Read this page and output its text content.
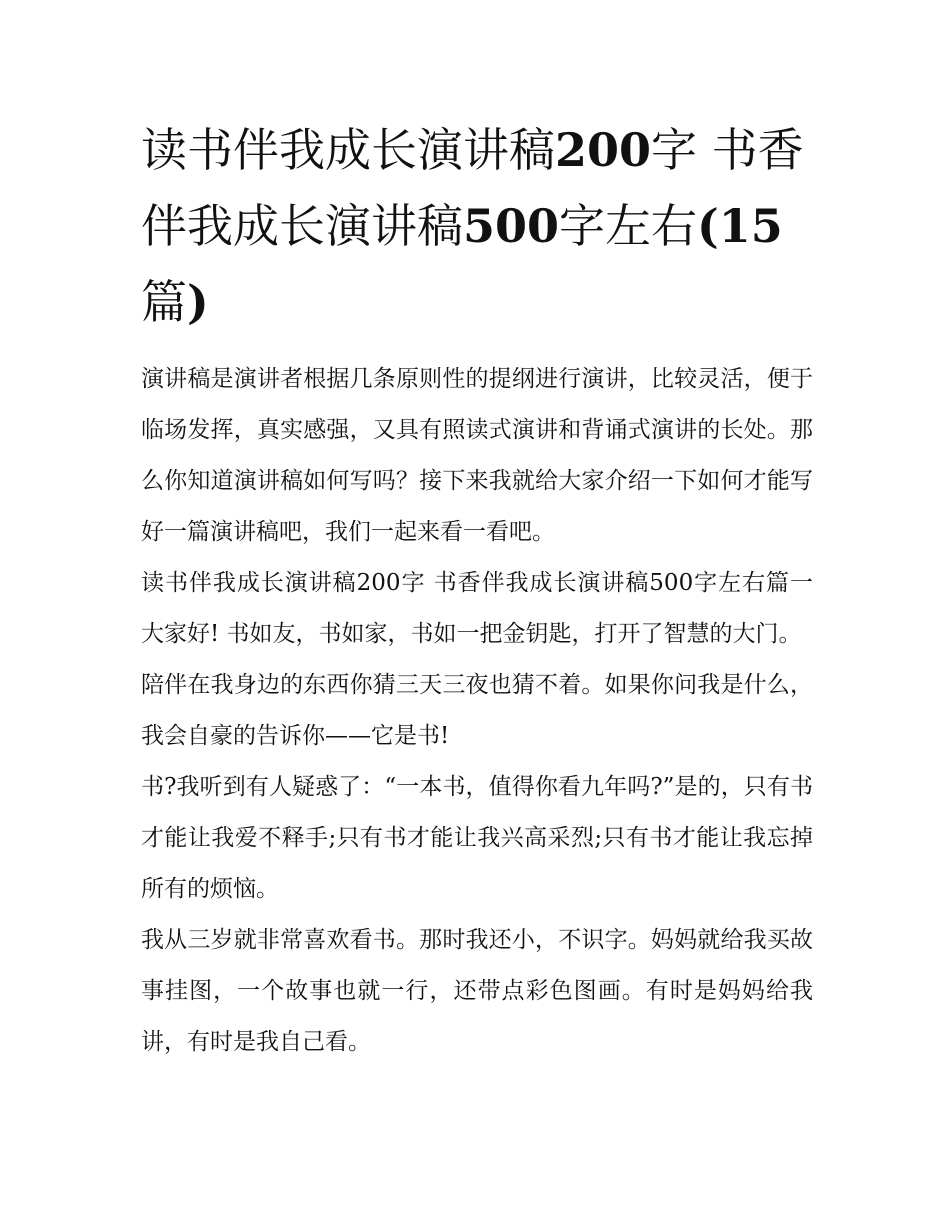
读书伴我成长演讲稿200字 书香伴我成长演讲稿500字左右(15篇)

演讲稿是演讲者根据几条原则性的提纲进行演讲，比较灵活，便于临场发挥，真实感强，又具有照读式演讲和背诵式演讲的长处。那么你知道演讲稿如何写吗？接下来我就给大家介绍一下如何才能写好一篇演讲稿吧，我们一起来看一看吧。

读书伴我成长演讲稿200字 书香伴我成长演讲稿500字左右篇一 大家好! 书如友，书如家，书如一把金钥匙，打开了智慧的大门。

陪伴在我身边的东西你猜三天三夜也猜不着。如果你问我是什么，我会自豪的告诉你——它是书!

书?我听到有人疑惑了：“一本书，值得你看九年吗?”是的，只有书才能让我爱不释手;只有书才能让我兴高采烈;只有书才能让我忘掉所有的烦恼。

我从三岁就非常喜欢看书。那时我还小，不识字。妈妈就给我买故事挂图，一个故事也就一行，还带点彩色图画。有时是妈妈给我讲，有时是我自己看。
